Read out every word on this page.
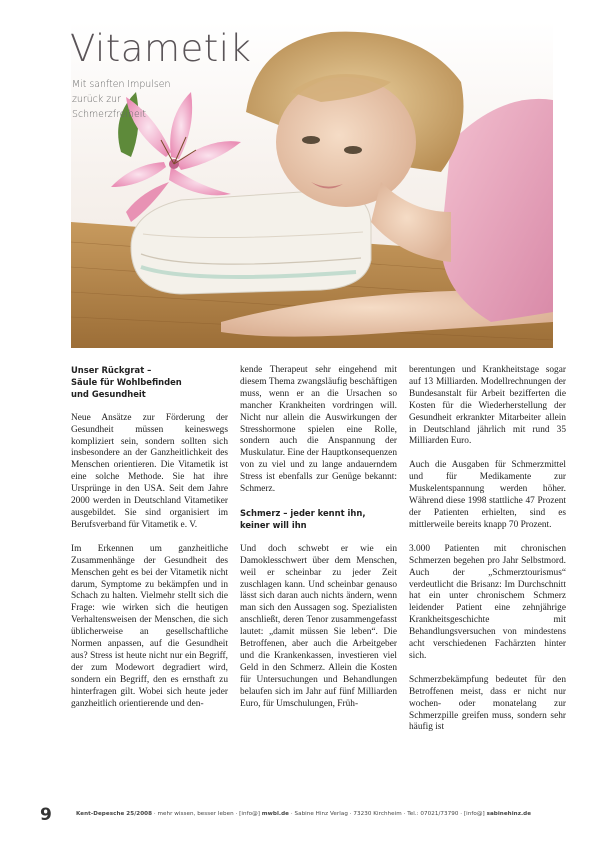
Vitametik
Mit sanften Impulsen
zurück zur
Schmerzfreiheit
Unser Rückgrat –
Säule für Wohlbefinden
und Gesundheit

Neue Ansätze zur Förderung der Gesundheit müssen keineswegs kompliziert sein, sondern sollten sich insbesondere an der Ganzheitlichkeit des Menschen orientieren. Die Vitametik ist eine solche Methode. Sie hat ihre Ursprünge in den USA. Seit dem Jahre 2000 werden in Deutschland Vitametiker ausgebildet. Sie sind organisiert im Berufsverband für Vitametik e. V.

Im Erkennen um ganzheitliche Zusammenhänge der Gesundheit des Menschen geht es bei der Vitametik nicht darum, Symptome zu bekämpfen und in Schach zu halten. Vielmehr stellt sich die Frage: wie wirken sich die heutigen Verhaltensweisen der Menschen, die sich üblicherweise an gesellschaftliche Normen anpassen, auf die Gesundheit aus? Stress ist heute nicht nur ein Begriff, der zum Modewort degradiert wird, sondern ein Begriff, den es ernsthaft zu hinterfragen gilt. Wobei sich heute jeder ganzheitlich orientierende und den-

kende Therapeut sehr eingehend mit diesem Thema zwangsläufig beschäftigen muss, wenn er an die Ursachen so mancher Krankheiten vordringen will. Nicht nur allein die Auswirkungen der Stresshormone spielen eine Rolle, sondern auch die Anspannung der Muskulatur. Eine der Hauptkonsequenzen von zu viel und zu lange andauerndem Stress ist ebenfalls zur Genüge bekannt: Schmerz.

Schmerz – jeder kennt ihn,
keiner will ihn

Und doch schwebt er wie ein Damoklesschwert über dem Menschen, weil er scheinbar zu jeder Zeit zuschlagen kann. Und scheinbar genauso lässt sich daran auch nichts ändern, wenn man sich den Aussagen sog. Spezialisten anschließt, deren Tenor zusammengefasst lautet: „damit müssen Sie leben“. Die Betroffenen, aber auch die Arbeitgeber und die Krankenkassen, investieren viel Geld in den Schmerz. Allein die Kosten für Untersuchungen und Behandlungen belaufen sich im Jahr auf fünf Milliarden Euro, für Umschulungen, Früh-

berentungen und Krankheitstage sogar auf 13 Milliarden. Modellrechnungen der Bundesanstalt für Arbeit bezifferten die Kosten für die Wiederherstellung der Gesundheit erkrankter Mitarbeiter allein in Deutschland jährlich mit rund 35 Milliarden Euro.

Auch die Ausgaben für Schmerzmittel und für Medikamente zur Muskelentspannung werden höher. Während diese 1998 stattliche 47 Prozent der Patienten erhielten, sind es mittlerweile bereits knapp 70 Prozent.

3.000 Patienten mit chronischen Schmerzen begehen pro Jahr Selbstmord. Auch der „Schmerztourismus“ verdeutlicht die Brisanz: Im Durchschnitt hat ein unter chronischem Schmerz leidender Patient eine zehnjährige Krankheitsgeschichte mit Behandlungsversuchen von mindestens acht verschiedenen Fachärzten hinter sich.

Schmerzbekämpfung bedeutet für den Betroffenen meist, dass er nicht nur wochen- oder monatelang zur Schmerzpille greifen muss, sondern sehr häufig ist

9	Kent-Depesche 25/2008 · mehr wissen, besser leben · [info@] mwbl.de · Sabine Hinz Verlag · 73230 Kirchheim · Tel.: 07021/73790 · [info@] sabinehinz.de
